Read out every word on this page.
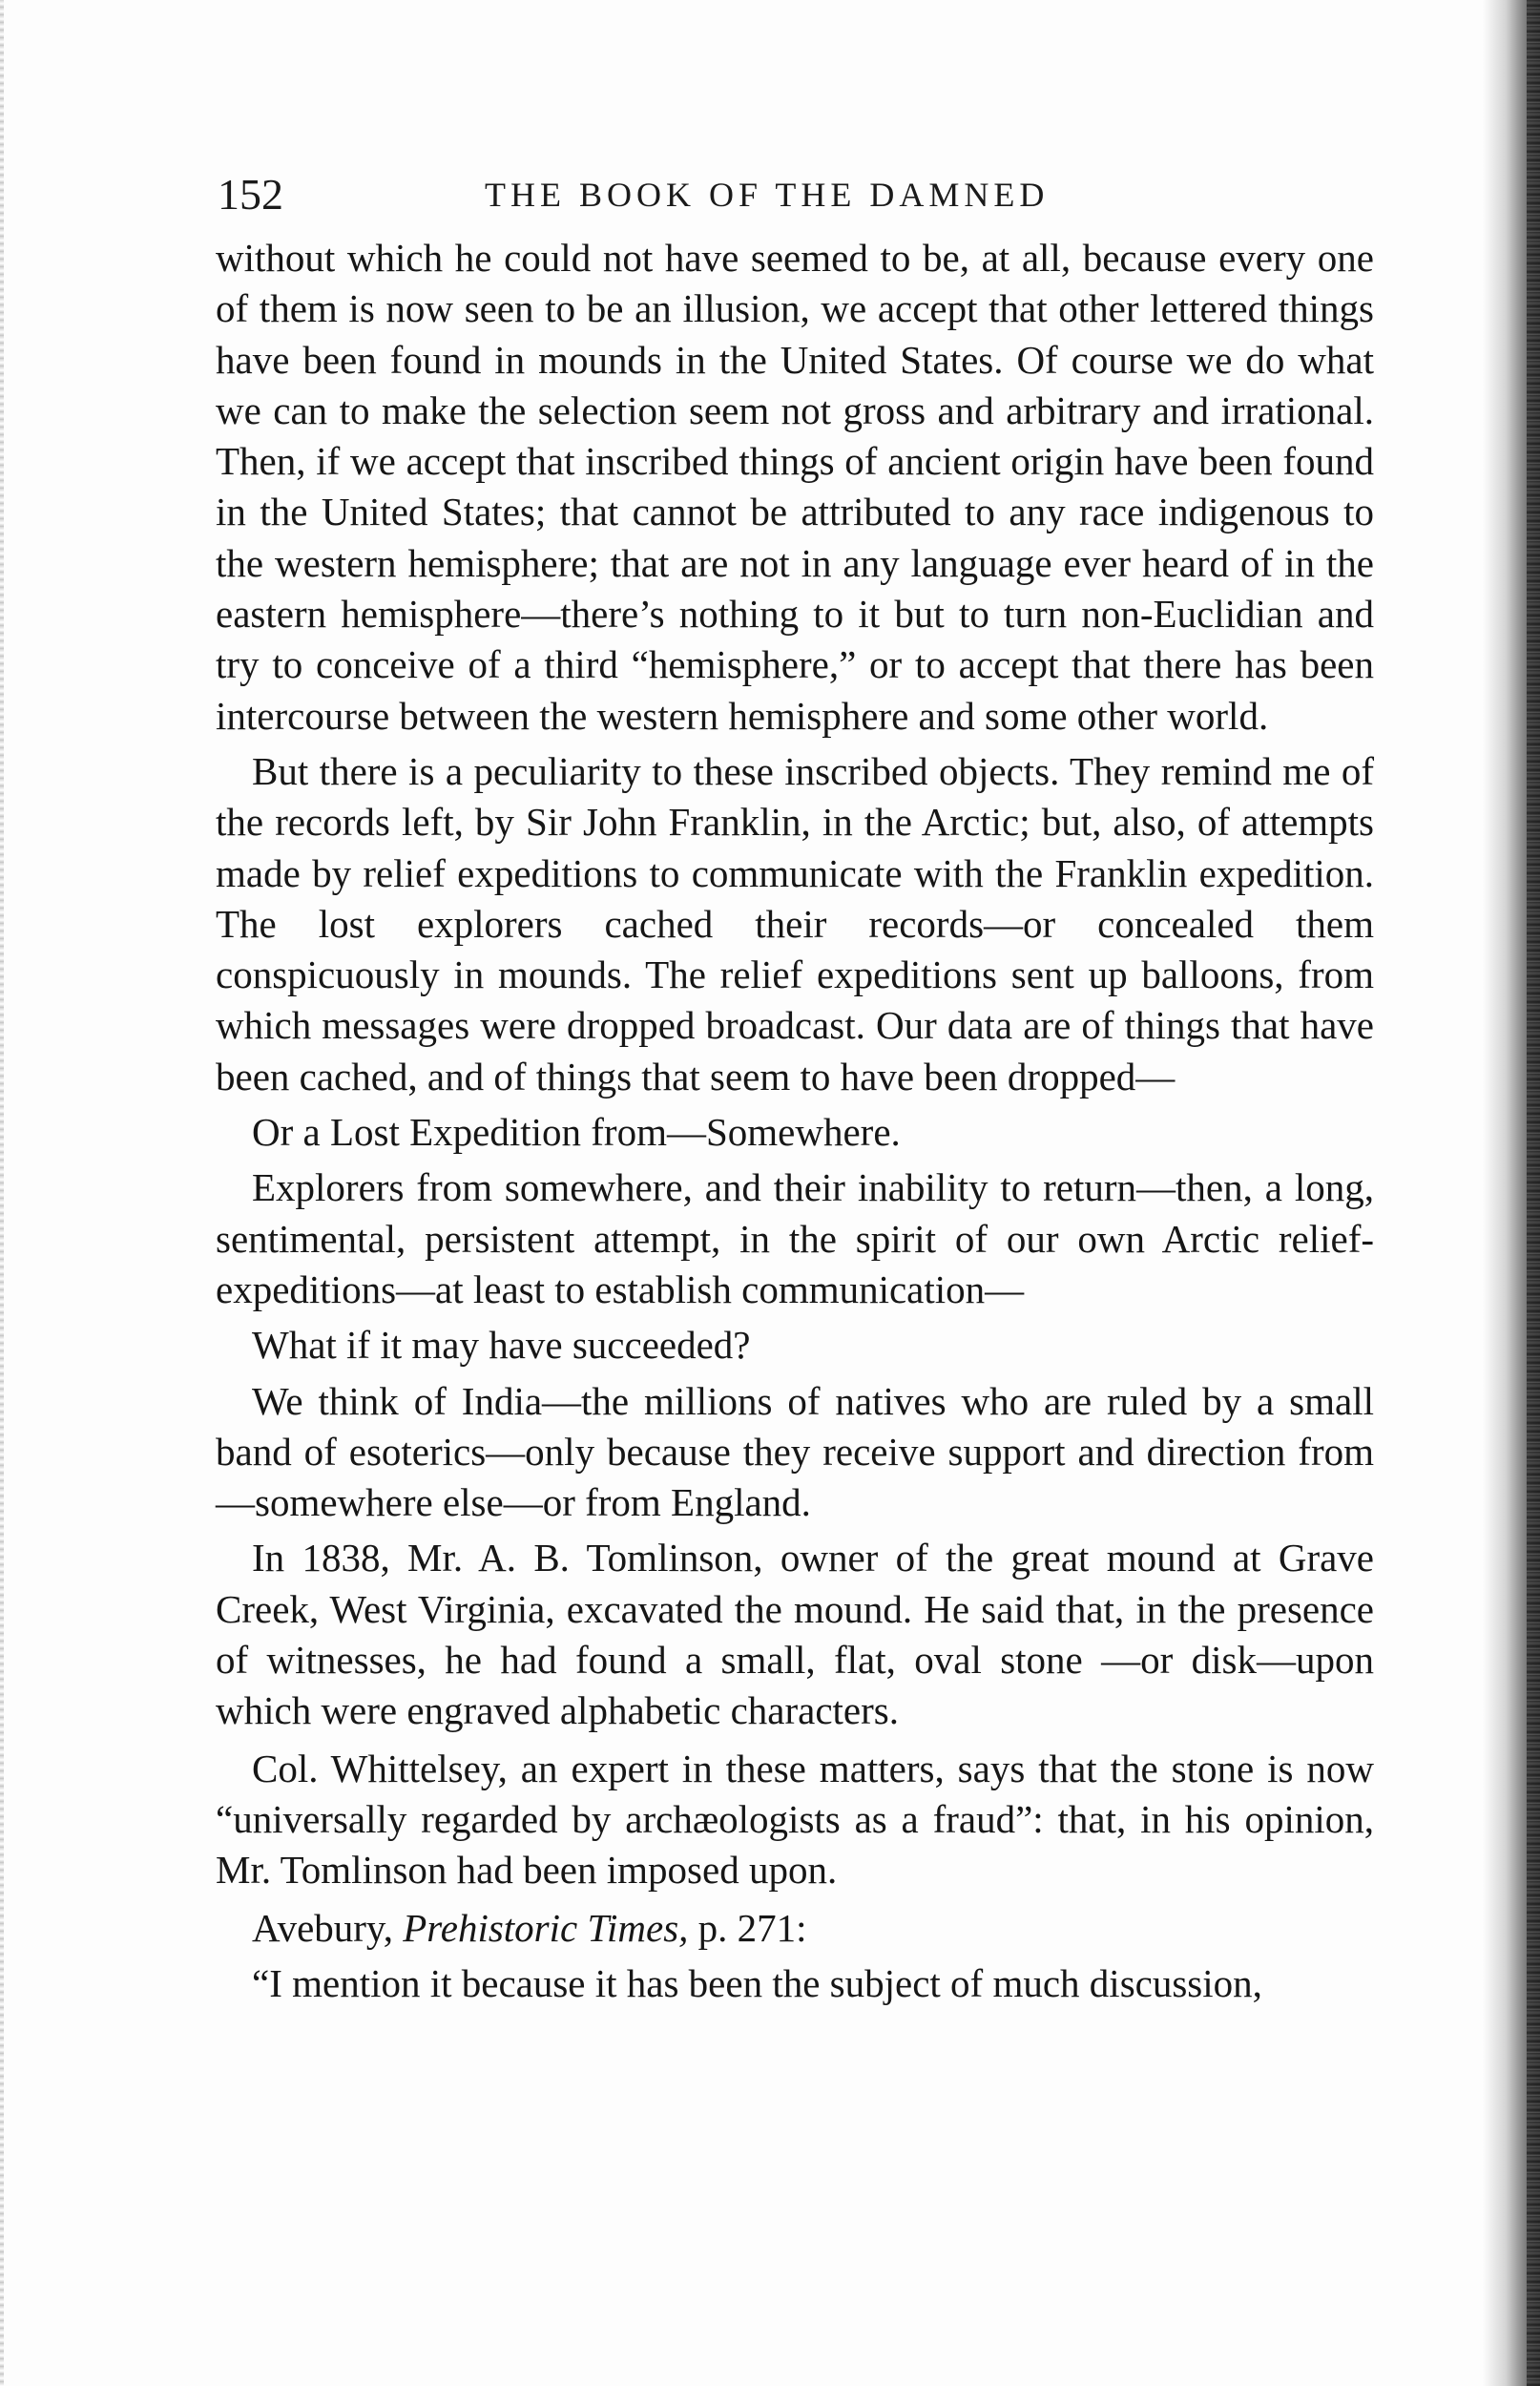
152	THE BOOK OF THE DAMNED

without which he could not have seemed to be, at all, because every one of them is now seen to be an illusion, we accept that other lettered things have been found in mounds in the United States. Of course we do what we can to make the selection seem not gross and arbitrary and irrational. Then, if we accept that inscribed things of ancient origin have been found in the United States; that cannot be attributed to any race indigenous to the western hemisphere; that are not in any language ever heard of in the eastern hemisphere—there’s nothing to it but to turn non-Euclidian and try to conceive of a third “hemisphere,” or to accept that there has been intercourse between the western hemisphere and some other world.

But there is a peculiarity to these inscribed objects. They remind me of the records left, by Sir John Franklin, in the Arctic; but, also, of attempts made by relief expeditions to communicate with the Franklin expedition. The lost explorers cached their records—or concealed them conspicuously in mounds. The relief expeditions sent up balloons, from which messages were dropped broadcast. Our data are of things that have been cached, and of things that seem to have been dropped—

Or a Lost Expedition from—Somewhere.

Explorers from somewhere, and their inability to return—then, a long, sentimental, persistent attempt, in the spirit of our own Arctic relief-expeditions—at least to establish communication—

What if it may have succeeded?

We think of India—the millions of natives who are ruled by a small band of esoterics—only because they receive support and direction from—somewhere else—or from England.

In 1838, Mr. A. B. Tomlinson, owner of the great mound at Grave Creek, West Virginia, excavated the mound. He said that, in the presence of witnesses, he had found a small, flat, oval stone —or disk—upon which were engraved alphabetic characters.

Col. Whittelsey, an expert in these matters, says that the stone is now “universally regarded by archæologists as a fraud”: that, in his opinion, Mr. Tomlinson had been imposed upon.

Avebury, Prehistoric Times, p. 271:

“I mention it because it has been the subject of much discussion,
